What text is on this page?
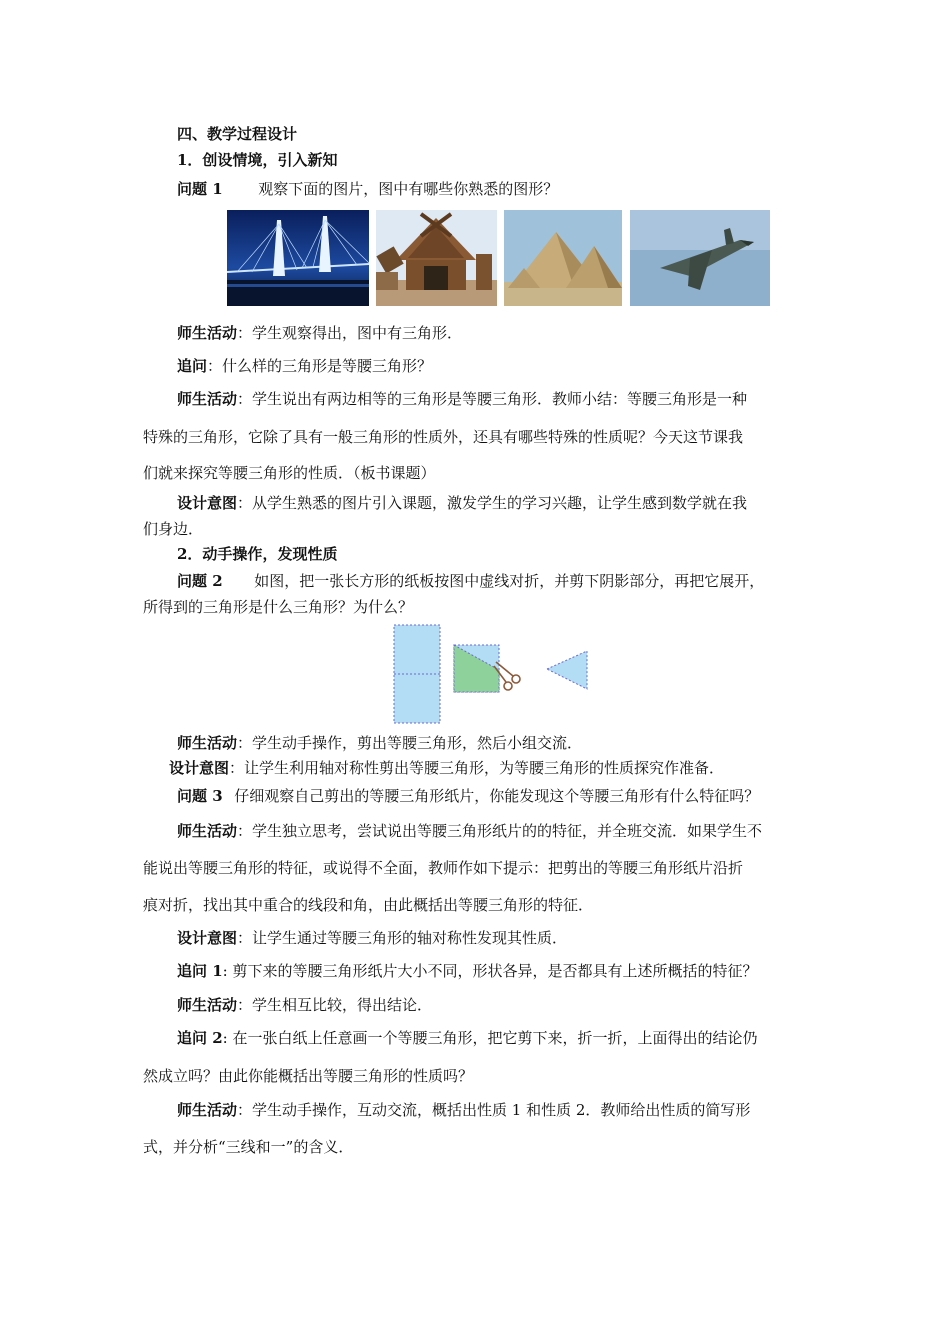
四、教学过程设计
1．创设情境，引入新知
问题 1 观察下面的图片，图中有哪些你熟悉的图形？
师生活动：学生观察得出，图中有三角形．
追问：什么样的三角形是等腰三角形？
师生活动：学生说出有两边相等的三角形是等腰三角形．教师小结：等腰三角形是一种
特殊的三角形，它除了具有一般三角形的性质外，还具有哪些特殊的性质呢？今天这节课我
们就来探究等腰三角形的性质．（板书课题）
设计意图：从学生熟悉的图片引入课题，激发学生的学习兴趣，让学生感到数学就在我
们身边．
2．动手操作，发现性质
问题 2 如图，把一张长方形的纸板按图中虚线对折，并剪下阴影部分，再把它展开，
所得到的三角形是什么三角形？为什么？
师生活动：学生动手操作，剪出等腰三角形，然后小组交流．
设计意图：让学生利用轴对称性剪出等腰三角形，为等腰三角形的性质探究作准备．
问题 3 仔细观察自己剪出的等腰三角形纸片，你能发现这个等腰三角形有什么特征吗？
师生活动：学生独立思考，尝试说出等腰三角形纸片的的特征，并全班交流．如果学生不
能说出等腰三角形的特征，或说得不全面，教师作如下提示：把剪出的等腰三角形纸片沿折
痕对折，找出其中重合的线段和角，由此概括出等腰三角形的特征．
设计意图：让学生通过等腰三角形的轴对称性发现其性质．
追问 1: 剪下来的等腰三角形纸片大小不同，形状各异，是否都具有上述所概括的特征？
师生活动：学生相互比较，得出结论．
追问 2: 在一张白纸上任意画一个等腰三角形，把它剪下来，折一折，上面得出的结论仍
然成立吗？由此你能概括出等腰三角形的性质吗？
师生活动：学生动手操作，互动交流，概括出性质 1 和性质 2．教师给出性质的简写形
式，并分析“三线和一”的含义．
